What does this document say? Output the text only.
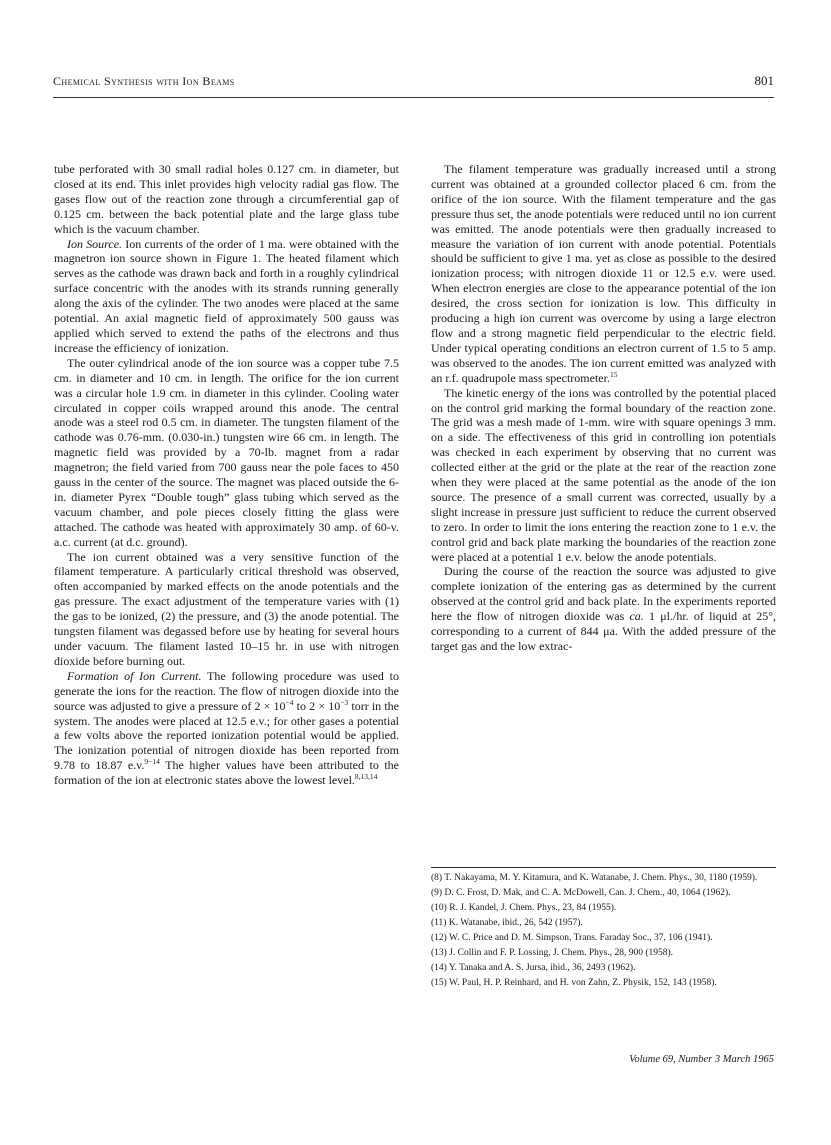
Chemical Synthesis with Ion Beams	801

tube perforated with 30 small radial holes 0.127 cm. in diameter, but closed at its end. This inlet provides high velocity radial gas flow. The gases flow out of the reaction zone through a circumferential gap of 0.125 cm. between the back potential plate and the large glass tube which is the vacuum chamber.

Ion Source. Ion currents of the order of 1 ma. were obtained with the magnetron ion source shown in Figure 1. The heated filament which serves as the cathode was drawn back and forth in a roughly cylindrical surface concentric with the anodes with its strands running generally along the axis of the cylinder. The two anodes were placed at the same potential. An axial magnetic field of approximately 500 gauss was applied which served to extend the paths of the electrons and thus increase the efficiency of ionization.

The outer cylindrical anode of the ion source was a copper tube 7.5 cm. in diameter and 10 cm. in length. The orifice for the ion current was a circular hole 1.9 cm. in diameter in this cylinder. Cooling water circulated in copper coils wrapped around this anode. The central anode was a steel rod 0.5 cm. in diameter. The tungsten filament of the cathode was 0.76-mm. (0.030-in.) tungsten wire 66 cm. in length. The magnetic field was provided by a 70-lb. magnet from a radar magnetron; the field varied from 700 gauss near the pole faces to 450 gauss in the center of the source. The magnet was placed outside the 6-in. diameter Pyrex “Double tough” glass tubing which served as the vacuum chamber, and pole pieces closely fitting the glass were attached. The cathode was heated with approximately 30 amp. of 60-v. a.c. current (at d.c. ground).

The ion current obtained was a very sensitive function of the filament temperature. A particularly critical threshold was observed, often accompanied by marked effects on the anode potentials and the gas pressure. The exact adjustment of the temperature varies with (1) the gas to be ionized, (2) the pressure, and (3) the anode potential. The tungsten filament was degassed before use by heating for several hours under vacuum. The filament lasted 10–15 hr. in use with nitrogen dioxide before burning out.

Formation of Ion Current. The following procedure was used to generate the ions for the reaction. The flow of nitrogen dioxide into the source was adjusted to give a pressure of $2 \times 10^{-4}$ to $2 \times 10^{-3}$ torr in the system. The anodes were placed at 12.5 e.v.; for other gases a potential a few volts above the reported ionization potential would be applied. The ionization potential of nitrogen dioxide has been reported from 9.78 to 18.87 e.v.$^{9-14}$ The higher values have been attributed to the formation of the ion at electronic states above the lowest level.$^{8,13,14}$

The filament temperature was gradually increased until a strong current was obtained at a grounded collector placed 6 cm. from the orifice of the ion source. With the filament temperature and the gas pressure thus set, the anode potentials were reduced until no ion current was emitted. The anode potentials were then gradually increased to measure the variation of ion current with anode potential. Potentials should be sufficient to give 1 ma. yet as close as possible to the desired ionization process; with nitrogen dioxide 11 or 12.5 e.v. were used. When electron energies are close to the appearance potential of the ion desired, the cross section for ionization is low. This difficulty in producing a high ion current was overcome by using a large electron flow and a strong magnetic field perpendicular to the electric field. Under typical operating conditions an electron current of 1.5 to 5 amp. was observed to the anodes. The ion current emitted was analyzed with an r.f. quadrupole mass spectrometer.$^{15}$

The kinetic energy of the ions was controlled by the potential placed on the control grid marking the formal boundary of the reaction zone. The grid was a mesh made of 1-mm. wire with square openings 3 mm. on a side. The effectiveness of this grid in controlling ion potentials was checked in each experiment by observing that no current was collected either at the grid or the plate at the rear of the reaction zone when they were placed at the same potential as the anode of the ion source. The presence of a small current was corrected, usually by a slight increase in pressure just sufficient to reduce the current observed to zero. In order to limit the ions entering the reaction zone to 1 e.v. the control grid and back plate marking the boundaries of the reaction zone were placed at a potential 1 e.v. below the anode potentials.

During the course of the reaction the source was adjusted to give complete ionization of the entering gas as determined by the current observed at the control grid and back plate. In the experiments reported here the flow of nitrogen dioxide was ca. 1 μl./hr. of liquid at 25°, corresponding to a current of 844 μa. With the added pressure of the target gas and the low extrac-

(8) T. Nakayama, M. Y. Kitamura, and K. Watanabe, J. Chem. Phys., 30, 1180 (1959).

(9) D. C. Frost, D. Mak, and C. A. McDowell, Can. J. Chem., 40, 1064 (1962).

(10) R. J. Kandel, J. Chem. Phys., 23, 84 (1955).

(11) K. Watanabe, ibid., 26, 542 (1957).

(12) W. C. Price and D. M. Simpson, Trans. Faraday Soc., 37, 106 (1941).

(13) J. Collin and F. P. Lossing, J. Chem. Phys., 28, 900 (1958).

(14) Y. Tanaka and A. S. Jursa, ibid., 36, 2493 (1962).

(15) W. Paul, H. P. Reinhard, and H. von Zahn, Z. Physik, 152, 143 (1958).

Volume 69, Number 3 March 1965
